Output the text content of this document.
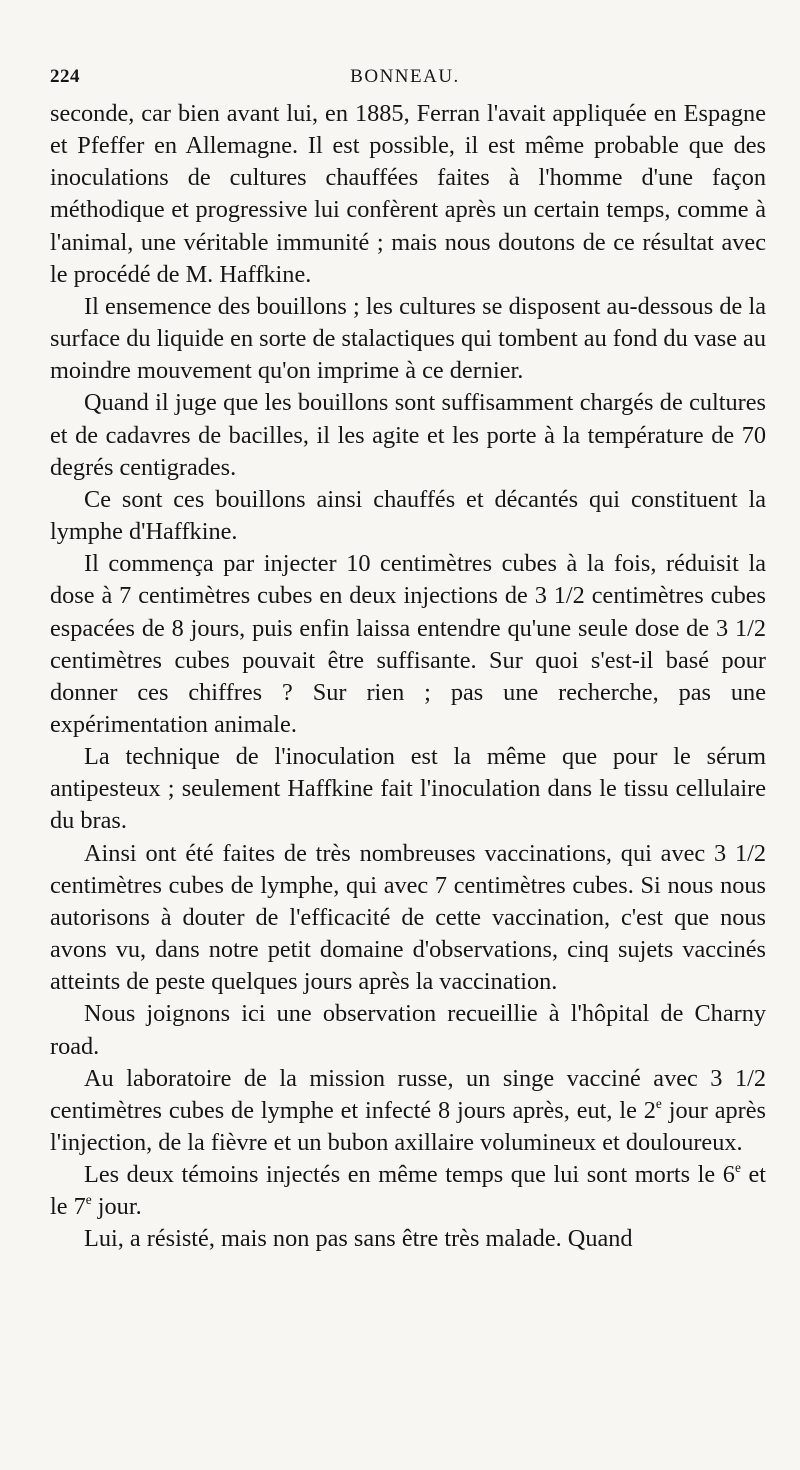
224	BONNEAU.

seconde, car bien avant lui, en 1885, Ferran l'avait appliquée en Espagne et Pfeffer en Allemagne. Il est possible, il est même probable que des inoculations de cultures chauffées faites à l'homme d'une façon méthodique et progressive lui confèrent après un certain temps, comme à l'animal, une véritable immunité ; mais nous doutons de ce résultat avec le procédé de M. Haffkine.

Il ensemence des bouillons ; les cultures se disposent au-dessous de la surface du liquide en sorte de stalactiques qui tombent au fond du vase au moindre mouvement qu'on imprime à ce dernier.

Quand il juge que les bouillons sont suffisamment chargés de cultures et de cadavres de bacilles, il les agite et les porte à la température de 70 degrés centigrades.

Ce sont ces bouillons ainsi chauffés et décantés qui constituent la lymphe d'Haffkine.

Il commença par injecter 10 centimètres cubes à la fois, réduisit la dose à 7 centimètres cubes en deux injections de 3 1/2 centimètres cubes espacées de 8 jours, puis enfin laissa entendre qu'une seule dose de 3 1/2 centimètres cubes pouvait être suffisante. Sur quoi s'est-il basé pour donner ces chiffres ? Sur rien ; pas une recherche, pas une expérimentation animale.

La technique de l'inoculation est la même que pour le sérum antipesteux ; seulement Haffkine fait l'inoculation dans le tissu cellulaire du bras.

Ainsi ont été faites de très nombreuses vaccinations, qui avec 3 1/2 centimètres cubes de lymphe, qui avec 7 centimètres cubes. Si nous nous autorisons à douter de l'efficacité de cette vaccination, c'est que nous avons vu, dans notre petit domaine d'observations, cinq sujets vaccinés atteints de peste quelques jours après la vaccination.

Nous joignons ici une observation recueillie à l'hôpital de Charny road.

Au laboratoire de la mission russe, un singe vacciné avec 3 1/2 centimètres cubes de lymphe et infecté 8 jours après, eut, le 2e jour après l'injection, de la fièvre et un bubon axillaire volumineux et douloureux.

Les deux témoins injectés en même temps que lui sont morts le 6e et le 7e jour.

Lui, a résisté, mais non pas sans être très malade. Quand
